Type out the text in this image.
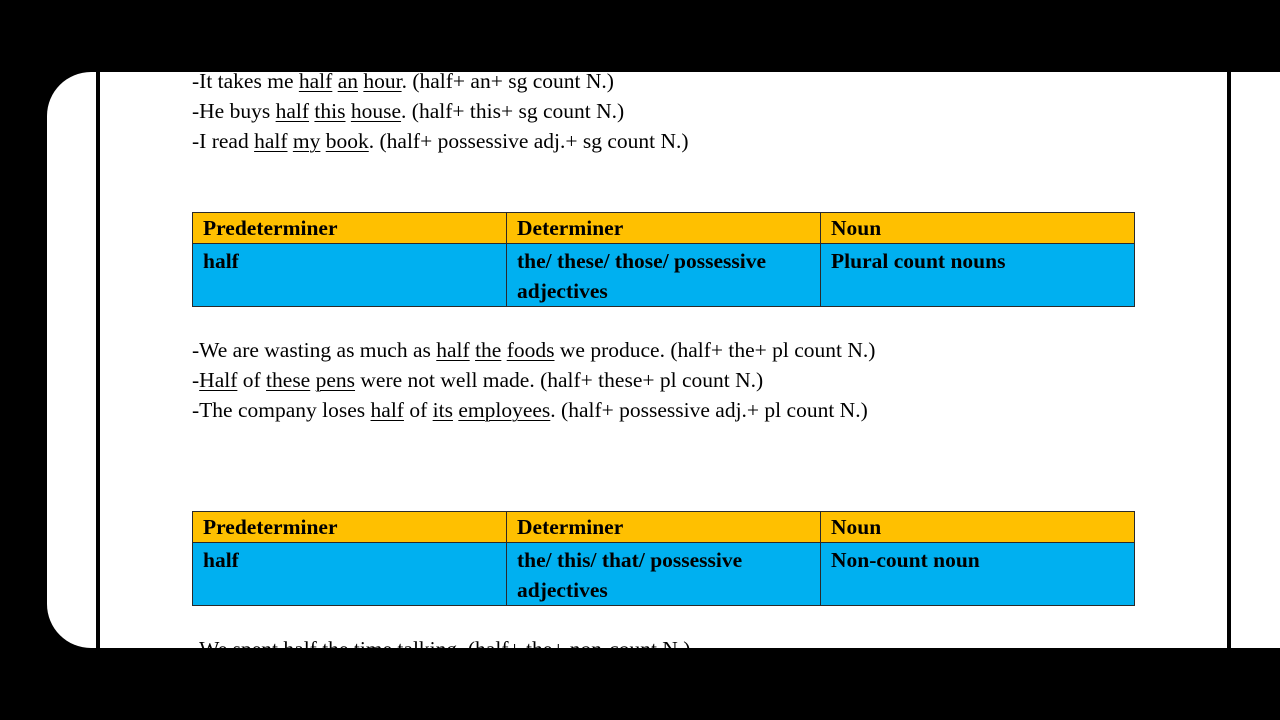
-It takes me half an hour. (half+ an+ sg count N.)
-He buys half this house. (half+ this+ sg count N.)
-I read half my book. (half+ possessive adj.+ sg count N.)
Predeterminer	Determiner	Noun
half	the/ these/ those/ possessive adjectives	Plural count nouns
-We are wasting as much as half the foods we produce. (half+ the+ pl count N.)
-Half of these pens were not well made. (half+ these+ pl count N.)
-The company loses half of its employees. (half+ possessive adj.+ pl count N.)
Predeterminer	Determiner	Noun
half	the/ this/ that/ possessive adjectives	Non-count noun
-We spent half the time talking. (half+ the+ non-count N.)
